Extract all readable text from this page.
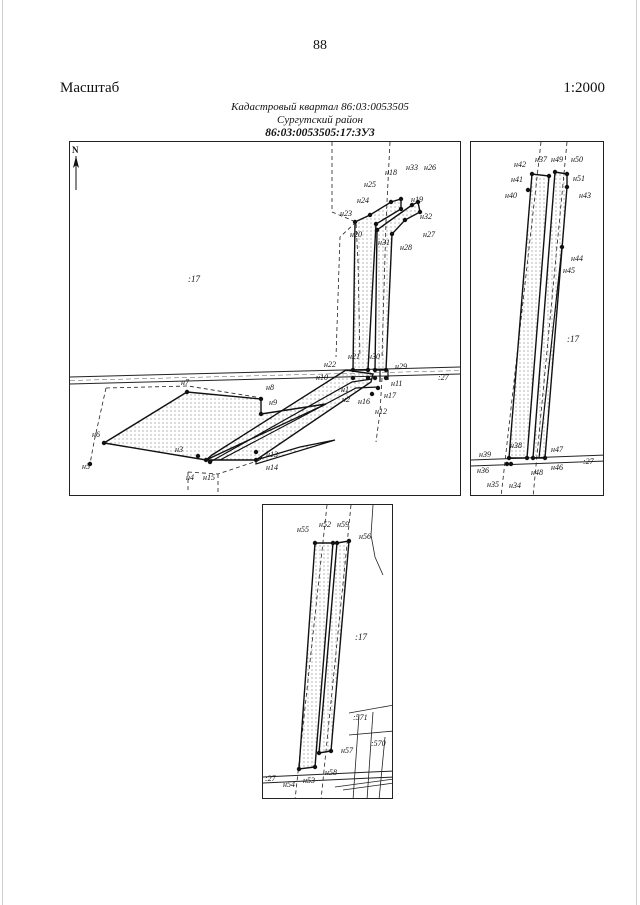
88
Масштаб	1:2000
Кадастровый квартал 86:03:0053505
Сургутский район
86:03:0053505:17:ЗУ3
N
н7
н8
н9
н6
н5
н3
н4 н15
н13
н14
н22
н10
н1
н2 н16
н12
н17
н11
н29
н21 н30
н20
н23
н24
н25
н18
н33 н26
н19
н32
н27
н31
н28
:17
:27
н42
н37 н49 н50
н41	н51
н40	н43
н44
н45
н38
н39
н36
н35 н34
н48
н47
н46
:17
:27
н55
н52 н59
н56
н57
н58
н53
н54
:17
:571
:570
:27
